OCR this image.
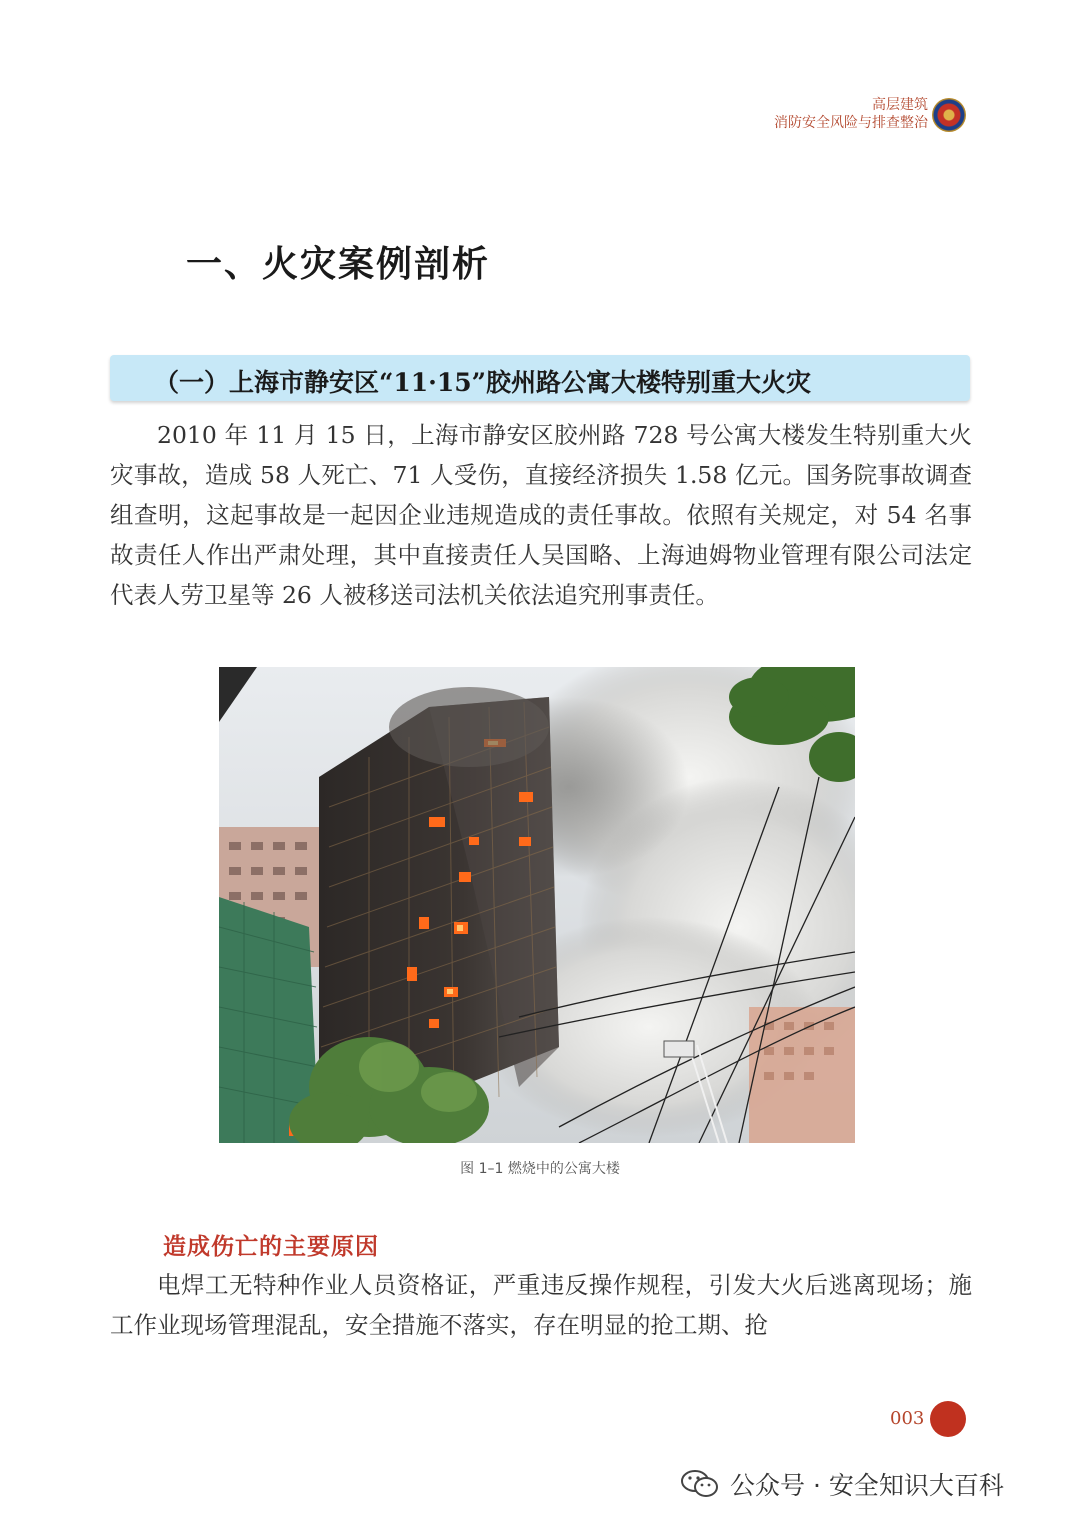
高层建筑
消防安全风险与排查整治
一、火灾案例剖析
（一）上海市静安区“11·15”胶州路公寓大楼特别重大火灾
2010 年 11 月 15 日，上海市静安区胶州路 728 号公寓大楼发生特别重大火灾事故，造成 58 人死亡、71 人受伤，直接经济损失 1.58 亿元。国务院事故调查组查明，这起事故是一起因企业违规造成的责任事故。依照有关规定，对 54 名事故责任人作出严肃处理，其中直接责任人吴国略、上海迪姆物业管理有限公司法定代表人劳卫星等 26 人被移送司法机关依法追究刑事责任。
图 1–1 燃烧中的公寓大楼
造成伤亡的主要原因
电焊工无特种作业人员资格证，严重违反操作规程，引发大火后逃离现场；施工作业现场管理混乱，安全措施不落实，存在明显的抢工期、抢
003
公众号 · 安全知识大百科
